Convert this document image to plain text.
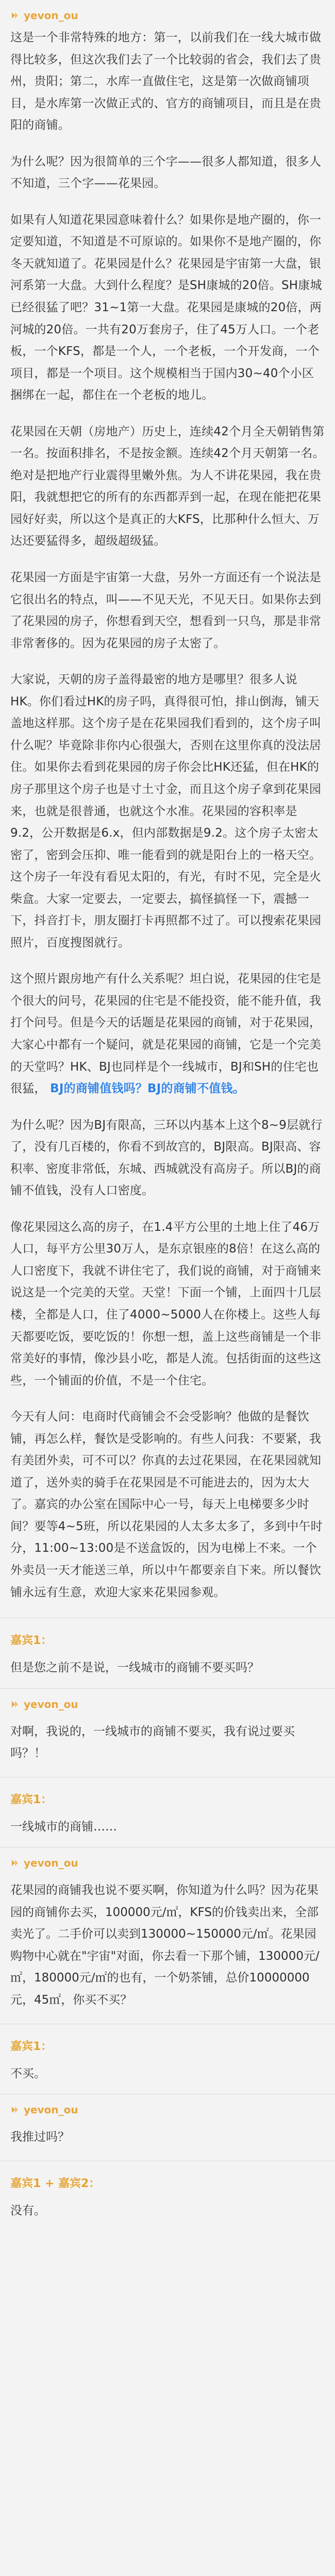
yevon_ou

这是一个非常特殊的地方：第一，以前我们在一线大城市做得比较多，但这次我们去了一个比较弱的省会，我们去了贵州，贵阳；第二，水库一直做住宅，这是第一次做商铺项目，是水库第一次做正式的、官方的商铺项目，而且是在贵阳的商铺。

为什么呢？因为很简单的三个字——很多人都知道，很多人不知道，三个字——花果园。

如果有人知道花果园意味着什么？如果你是地产圈的，你一定要知道，不知道是不可原谅的。如果你不是地产圈的，你冬天就知道了。花果园是什么？花果园是宇宙第一大盘，银河系第一大盘。大到什么程度？是SH康城的20倍。SH康城已经很猛了吧？31~1第一大盘。花果园是康城的20倍，两河城的20倍。一共有20万套房子，住了45万人口。一个老板，一个KFS，都是一个人，一个老板，一个开发商，一个项目，都是一个项目。这个规模相当于国内30~40个小区捆绑在一起，都住在一个老板的地儿。

花果园在天朝（房地产）历史上，连续42个月全天朝销售第一名。按面积排名，不是按金额。连续42个月天朝第一名。绝对是把地产行业震得里嫩外焦。为人不讲花果园，我在贵阳，我就想把它的所有的东西都弄到一起，在现在能把花果园好好卖，所以这个是真正的大KFS，比那种什么恒大、万达还要猛得多，超级超级猛。

花果园一方面是宇宙第一大盘，另外一方面还有一个说法是它很出名的特点，叫——不见天光，不见天日。如果你去到了花果园的房子，你想看到天空，想看到一只鸟，那是非常非常奢侈的。因为花果园的房子太密了。

大家说，天朝的房子盖得最密的地方是哪里？很多人说HK。你们看过HK的房子吗，真得很可怕，排山倒海，铺天盖地这样那。这个房子是在花果园我们看到的，这个房子叫什么呢？毕竟除非你内心很强大，否则在这里你真的没法居住。如果你去看到花果园的房子你会比HK还猛，但在HK的房子那里这个房子也是寸土寸金，而且这个房子拿到花果园来，也就是很普通，也就这个水准。花果园的容积率是9.2，公开数据是6.x，但内部数据是9.2。这个房子太密太密了，密到会压抑、唯一能看到的就是阳台上的一格天空。这个房子一年没有看见太阳的，有光，有时不见，完全是火柴盒。大家一定要去，一定要去，搞怪搞怪一下，震撼一下，抖音打卡，朋友圈打卡再照都不过了。可以搜索花果园照片，百度搜图就行。

这个照片跟房地产有什么关系呢？坦白说，花果园的住宅是个很大的问号，花果园的住宅是不能投资，能不能升值，我打个问号。但是今天的话题是花果园的商铺，对于花果园，大家心中都有一个疑问，就是花果园的商铺，它是一个完美的天堂吗？HK、BJ也同样是个一线城市，BJ和SH的住宅也很猛， BJ的商铺值钱吗？BJ的商铺不值钱。

为什么呢？因为BJ有限高，三环以内基本上这个8~9层就行了，没有几百楼的，你看不到故宫的，BJ限高。BJ限高、容积率、密度非常低，东城、西城就没有高房子。所以BJ的商铺不值钱，没有人口密度。

像花果园这么高的房子，在1.4平方公里的土地上住了46万人口，每平方公里30万人，是东京银座的8倍！在这么高的人口密度下，我就不讲住宅了，我们说的商铺，对于商铺来说这是一个完美的天堂。天堂！下面一个铺，上面四十几层楼，全都是人口，住了4000~5000人在你楼上。这些人每天都要吃饭，要吃饭的！你想一想，盖上这些商铺是一个非常美好的事情，像沙县小吃，都是人流。包括街面的这些这些，一个铺面的价值，不是一个住宅。

今天有人问：电商时代商铺会不会受影响？他做的是餐饮铺，再怎么样，餐饮是受影响的。有些人问我：不要紧，我有美团外卖，可不可以？你真的去过花果园，在花果园就知道了，送外卖的骑手在花果园是不可能进去的，因为太大了。嘉宾的办公室在国际中心一号，每天上电梯要多少时间？要等4~5班，所以花果园的人太多太多了，多到中午时分，11:00~13:00是不送盒饭的，因为电梯上不来。一个外卖员一天才能送三单，所以中午都要亲自下来。所以餐饮铺永远有生意，欢迎大家来花果园参观。

嘉宾1：

但是您之前不是说，一线城市的商铺不要买吗？

yevon_ou

对啊，我说的，一线城市的商铺不要买，我有说过要买吗？！

嘉宾1：

一线城市的商铺……

yevon_ou

花果园的商铺我也说不要买啊，你知道为什么吗？因为花果园的商铺你去买，100000元/㎡，KFS的价钱卖出来，全部卖光了。二手价可以卖到130000~150000元/㎡。花果园购物中心就在"宇宙"对面，你去看一下那个铺，130000元/㎡，180000元/㎡的也有，一个奶茶铺，总价10000000元，45㎡，你买不买？

嘉宾1：

不买。

yevon_ou

我推过吗？

嘉宾1 + 嘉宾2：

没有。
